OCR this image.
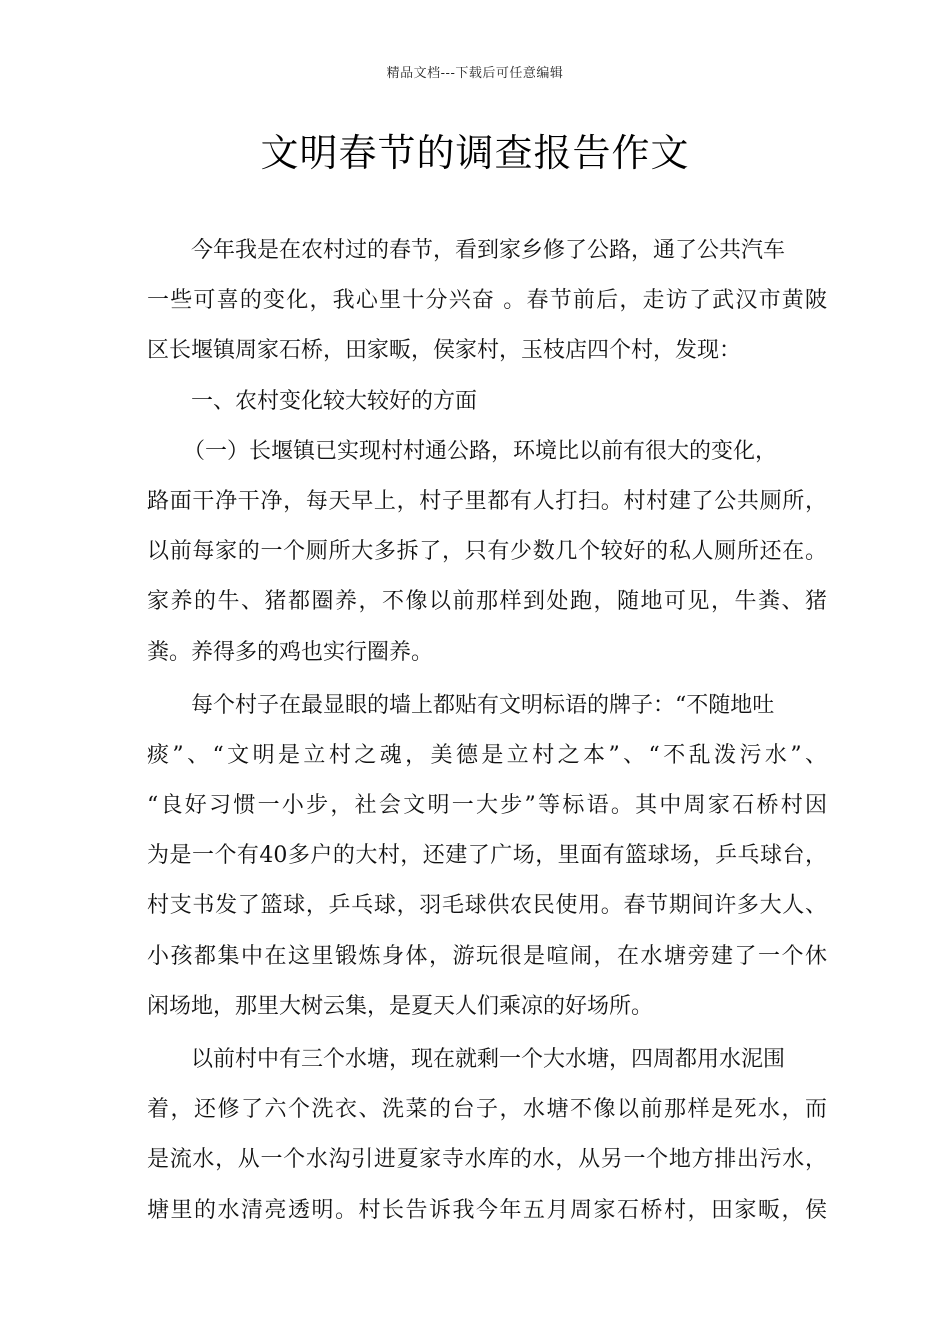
精品文档---下载后可任意编辑
文明春节的调查报告作文
今年我是在农村过的春节，看到家乡修了公路，通了公共汽车
一些可喜的变化，我心里十分兴奋 。春节前后，走访了武汉市黄陂
区长堰镇周家石桥，田家畈，侯家村，玉枝店四个村，发现：
一、农村变化较大较好的方面
（一）长堰镇已实现村村通公路，环境比以前有很大的变化，
路面干净干净，每天早上，村子里都有人打扫。村村建了公共厕所，
以前每家的一个厕所大多拆了，只有少数几个较好的私人厕所还在。
家养的牛、猪都圈养，不像以前那样到处跑，随地可见，牛粪、猪
粪。养得多的鸡也实行圈养。
每个村子在最显眼的墙上都贴有文明标语的牌子：“不随地吐
痰”、“文明是立村之魂，美德是立村之本”、“不乱泼污水”、
“良好习惯一小步，社会文明一大步”等标语。其中周家石桥村因
为是一个有40多户的大村，还建了广场，里面有篮球场，乒乓球台，
村支书发了篮球，乒乓球，羽毛球供农民使用。春节期间许多大人、
小孩都集中在这里锻炼身体，游玩很是喧闹，在水塘旁建了一个休
闲场地，那里大树云集，是夏天人们乘凉的好场所。
以前村中有三个水塘，现在就剩一个大水塘，四周都用水泥围
着，还修了六个洗衣、洗菜的台子，水塘不像以前那样是死水，而
是流水，从一个水沟引进夏家寺水库的水，从另一个地方排出污水，
塘里的水清亮透明。村长告诉我今年五月周家石桥村，田家畈，侯
